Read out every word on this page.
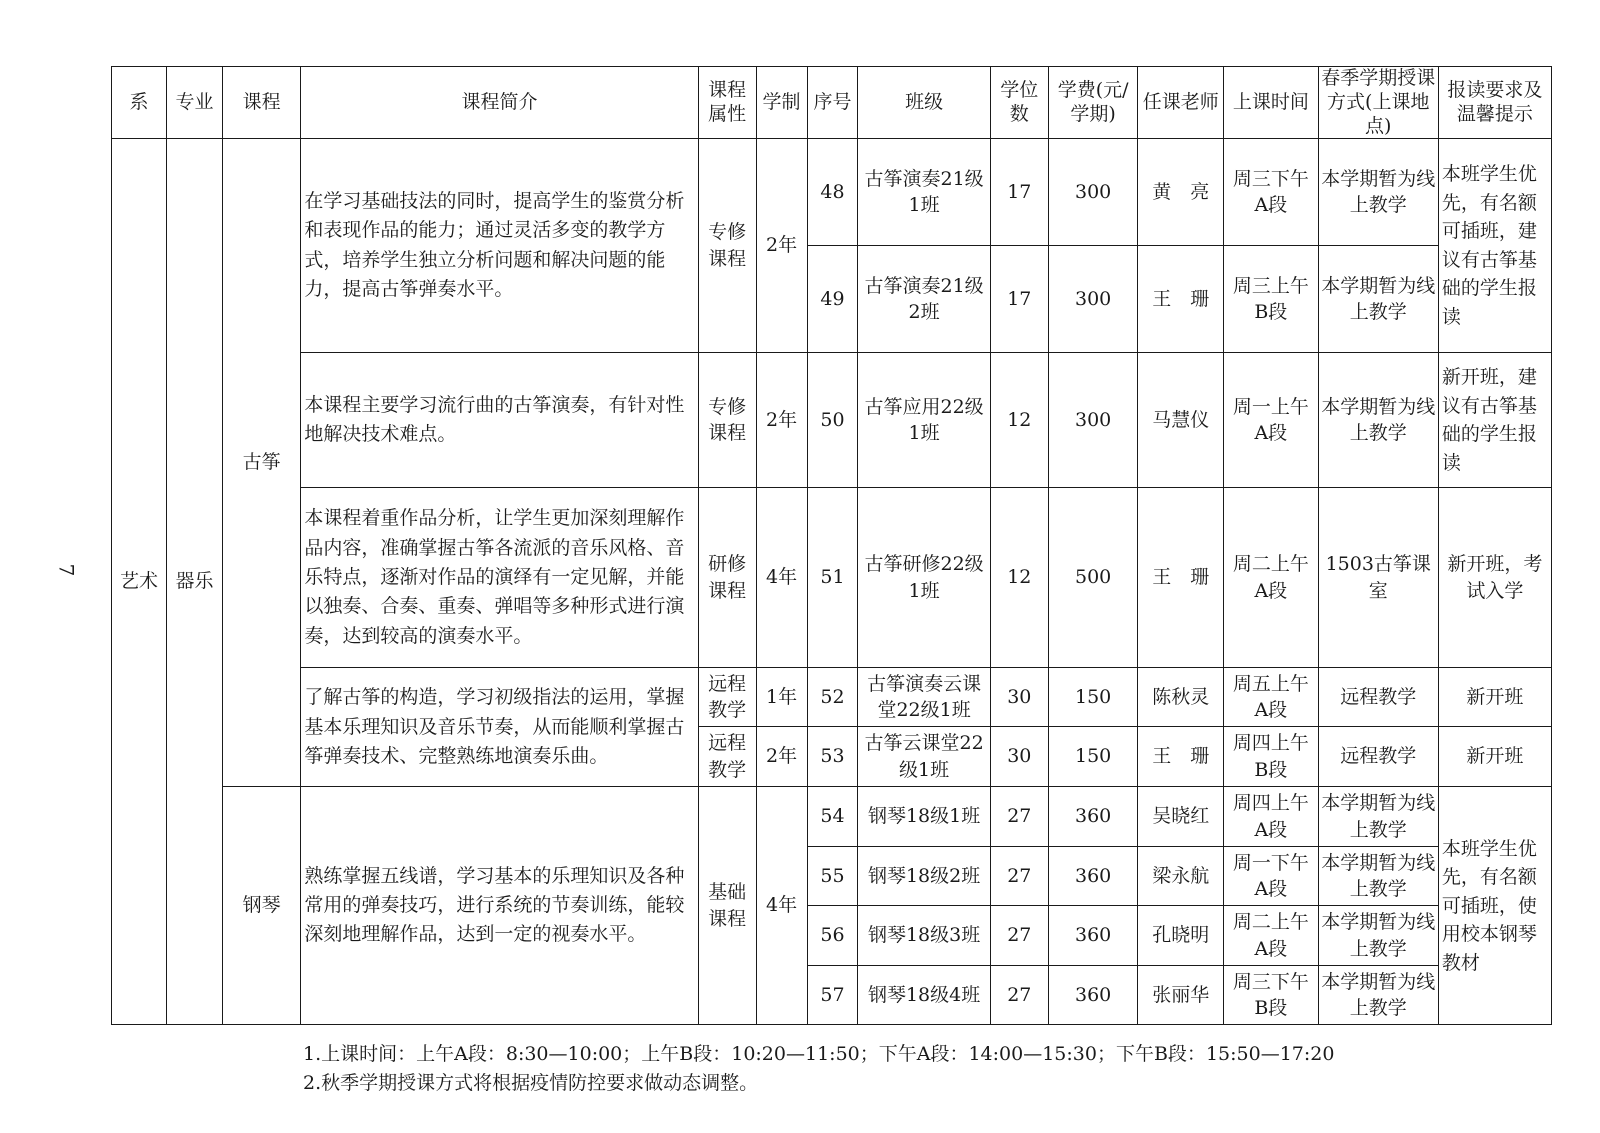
7
系	专业	课程	课程简介	课程属性	学制	序号	班级	学位数	学费(元/学期)	任课老师	上课时间	春季学期授课方式(上课地点)	报读要求及温馨提示
艺术	器乐	古筝	在学习基础技法的同时，提高学生的鉴赏分析和表现作品的能力；通过灵活多变的教学方式，培养学生独立分析问题和解决问题的能力，提高古筝弹奏水平。	专修课程	2年	48	古筝演奏21级1班	17	300	黄　亮	周三下午A段	本学期暂为线上教学	本班学生优先，有名额可插班，建议有古筝基础的学生报读
						49	古筝演奏21级2班	17	300	王　珊	周三上午B段	本学期暂为线上教学	
			本课程主要学习流行曲的古筝演奏，有针对性地解决技术难点。	专修课程	2年	50	古筝应用22级1班	12	300	马慧仪	周一上午A段	本学期暂为线上教学	新开班，建议有古筝基础的学生报读
			本课程着重作品分析，让学生更加深刻理解作品内容，准确掌握古筝各流派的音乐风格、音乐特点，逐渐对作品的演绎有一定见解，并能以独奏、合奏、重奏、弹唱等多种形式进行演奏，达到较高的演奏水平。	研修课程	4年	51	古筝研修22级1班	12	500	王　珊	周二上午A段	1503古筝课室	新开班，考试入学
			了解古筝的构造，学习初级指法的运用，掌握基本乐理知识及音乐节奏，从而能顺利掌握古筝弹奏技术、完整熟练地演奏乐曲。	远程教学	1年	52	古筝演奏云课堂22级1班	30	150	陈秋灵	周五上午A段	远程教学	新开班
				远程教学	2年	53	古筝云课堂22级1班	30	150	王　珊	周四上午B段	远程教学	新开班
		钢琴	熟练掌握五线谱，学习基本的乐理知识及各种常用的弹奏技巧，进行系统的节奏训练，能较深刻地理解作品，达到一定的视奏水平。	基础课程	4年	54	钢琴18级1班	27	360	吴晓红	周四上午A段	本学期暂为线上教学	本班学生优先，有名额可插班，使用校本钢琴教材
						55	钢琴18级2班	27	360	梁永航	周一下午A段	本学期暂为线上教学	
						56	钢琴18级3班	27	360	孔晓明	周二上午A段	本学期暂为线上教学	
						57	钢琴18级4班	27	360	张丽华	周三下午B段	本学期暂为线上教学	
1.上课时间：上午A段：8:30—10:00；上午B段：10:20—11:50；下午A段：14:00—15:30；下午B段：15:50—17:20
2.秋季学期授课方式将根据疫情防控要求做动态调整。
